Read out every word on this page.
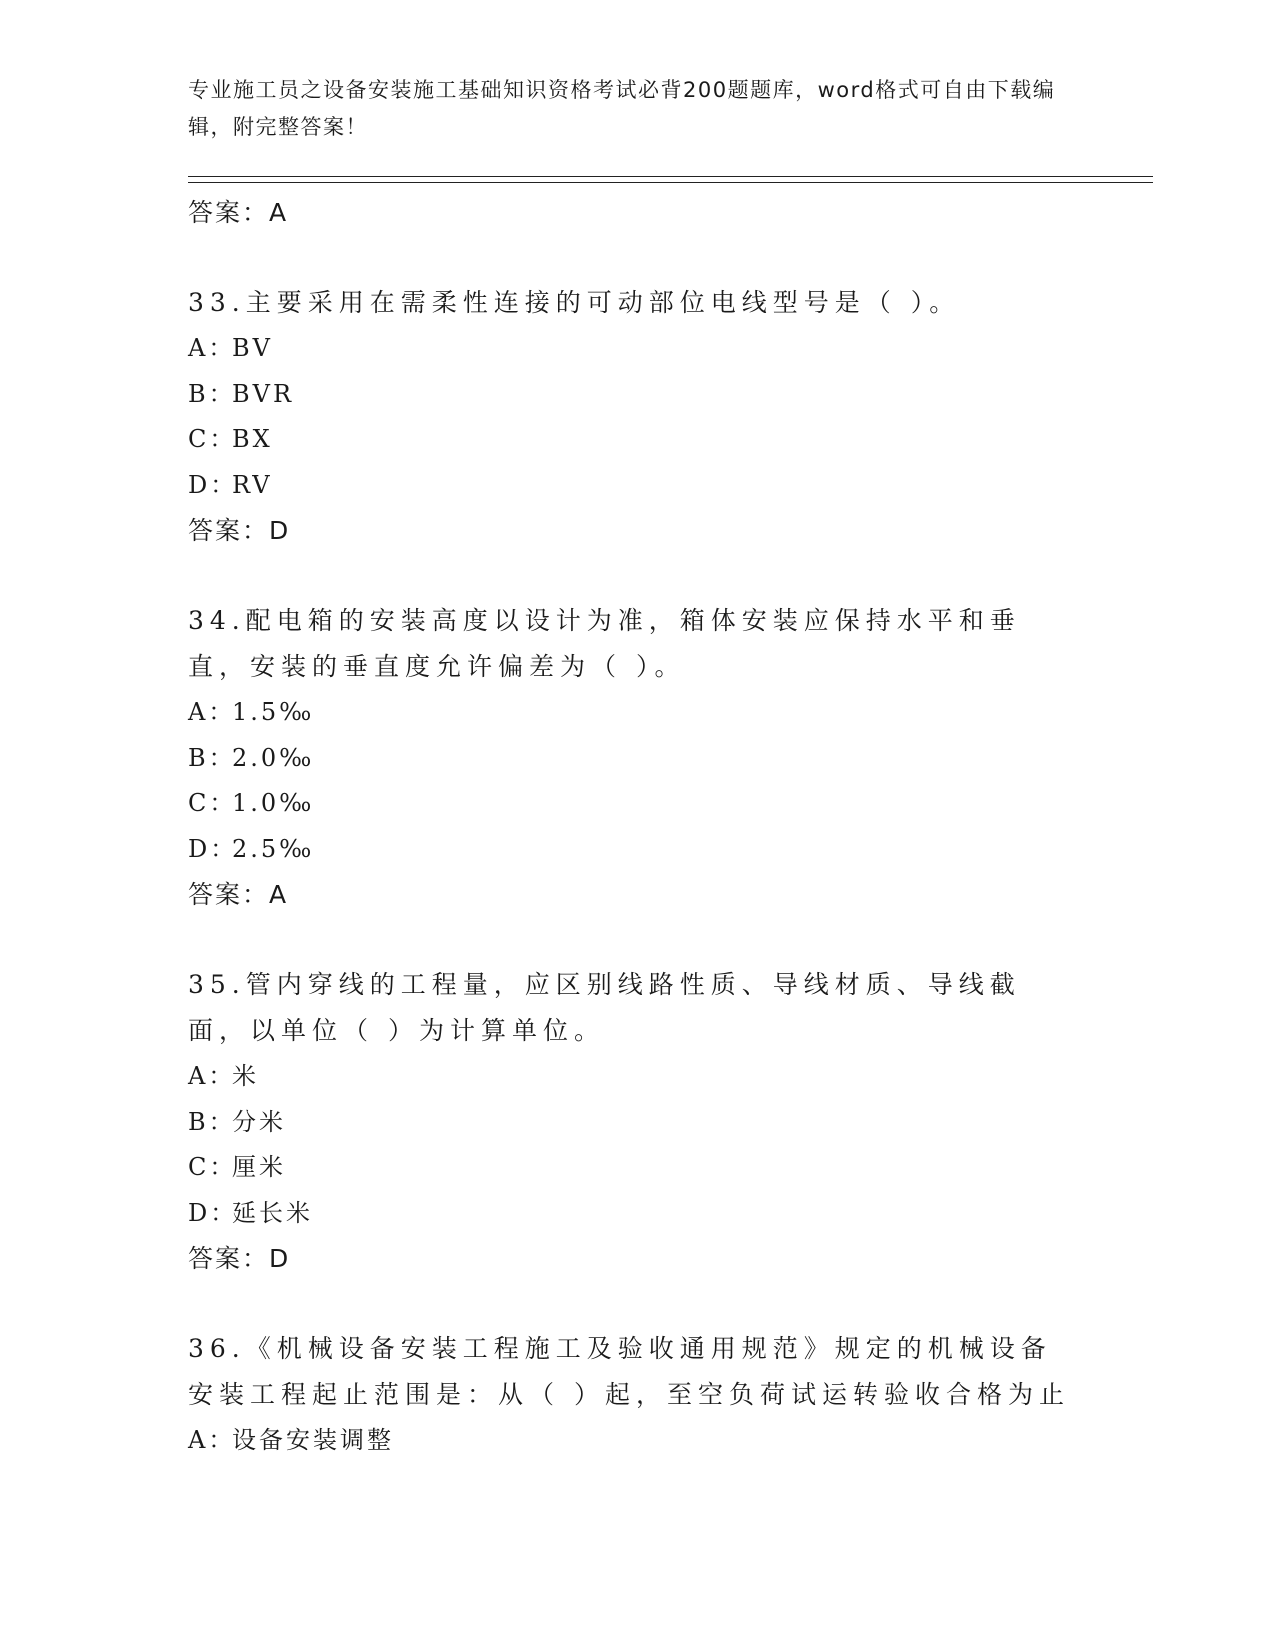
专业施工员之设备安装施工基础知识资格考试必背200题题库，word格式可自由下载编辑，附完整答案！
答案：A
33.主要采用在需柔性连接的可动部位电线型号是（ ）。
A：BV
B：BVR
C：BX
D：RV
答案：D
34.配电箱的安装高度以设计为准，箱体安装应保持水平和垂直，安装的垂直度允许偏差为（ ）。
A：1.5‰
B：2.0‰
C：1.0‰
D：2.5‰
答案：A
35.管内穿线的工程量，应区别线路性质、导线材质、导线截面，以单位（ ）为计算单位。
A：米
B：分米
C：厘米
D：延长米
答案：D
36.《机械设备安装工程施工及验收通用规范》规定的机械设备安装工程起止范围是：从（ ）起，至空负荷试运转验收合格为止
A：设备安装调整
